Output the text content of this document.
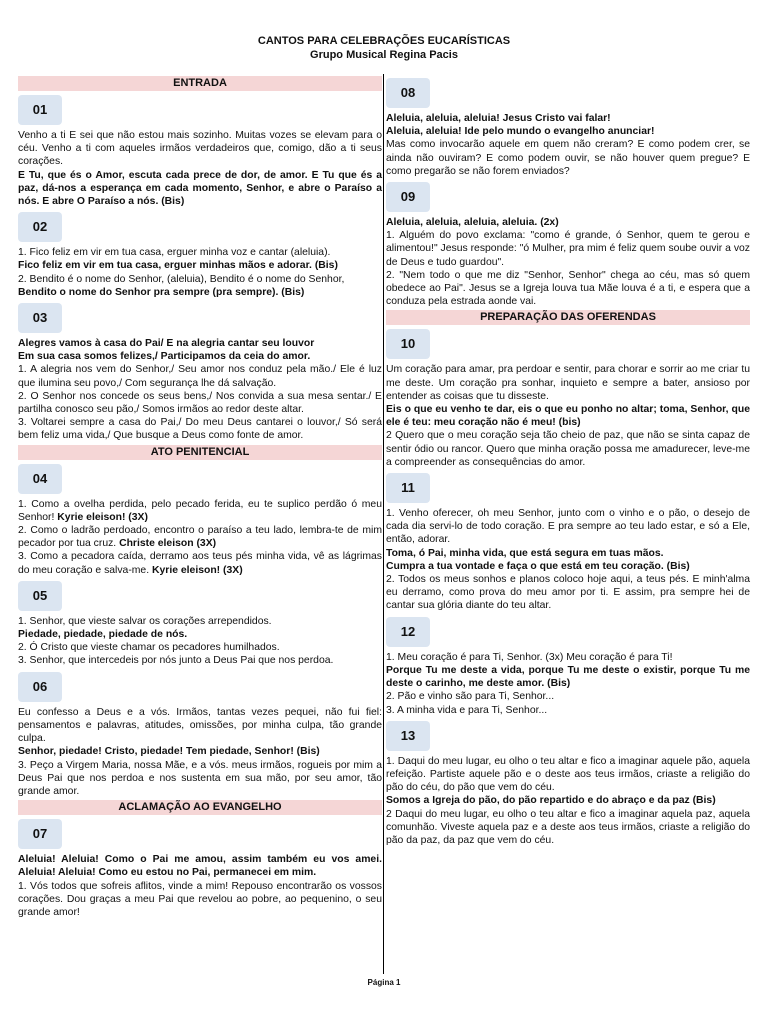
CANTOS PARA CELEBRAÇÕES EUCARÍSTICAS
Grupo Musical Regina Pacis
ENTRADA
01
Venho a ti E sei que não estou mais sozinho. Muitas vozes se elevam para o céu. Venho a ti com aqueles irmãos verdadeiros que, comigo, dão a ti seus corações.
E Tu, que és o Amor, escuta cada prece de dor, de amor. E Tu que és a paz, dá-nos a esperança em cada momento, Senhor, e abre o Paraíso a nós. E abre O Paraíso a nós. (Bis)
02
1. Fico feliz em vir em tua casa, erguer minha voz e cantar (aleluia).
Fico feliz em vir em tua casa, erguer minhas mãos e adorar. (Bis)
2. Bendito é o nome do Senhor, (aleluia), Bendito é o nome do Senhor,
Bendito o nome do Senhor pra sempre (pra sempre). (Bis)
03
Alegres vamos à casa do Pai/ E na alegria cantar seu louvor
Em sua casa somos felizes,/ Participamos da ceia do amor.
1. A alegria nos vem do Senhor,/ Seu amor nos conduz pela mão./ Ele é luz que ilumina seu povo,/ Com segurança lhe dá salvação.
2. O Senhor nos concede os seus bens,/ Nos convida a sua mesa sentar./ E partilha conosco seu pão,/ Somos irmãos ao redor deste altar.
3. Voltarei sempre a casa do Pai,/ Do meu Deus cantarei o louvor,/ Só será bem feliz uma vida,/ Que busque a Deus como fonte de amor.
ATO PENITENCIAL
04
1. Como a ovelha perdida, pelo pecado ferida, eu te suplico perdão ó meu Senhor! Kyrie eleison! (3X)
2. Como o ladrão perdoado, encontro o paraíso a teu lado, lembra-te de mim pecador por tua cruz. Christe eleison (3X)
3. Como a pecadora caída, derramo aos teus pés minha vida, vê as lágrimas do meu coração e salva-me. Kyrie eleison! (3X)
05
1. Senhor, que vieste salvar os corações arrependidos.
Piedade, piedade, piedade de nós.
2. Ó Cristo que vieste chamar os pecadores humilhados.
3. Senhor, que intercedeis por nós junto a Deus Pai que nos perdoa.
06
Eu confesso a Deus e a vós. Irmãos, tantas vezes pequei, não fui fiel: pensamentos e palavras, atitudes, omissões, por minha culpa, tão grande culpa.
Senhor, piedade! Cristo, piedade! Tem piedade, Senhor! (Bis)
3. Peço a Virgem Maria, nossa Mãe, e a vós. meus irmãos, rogueis por mim a Deus Pai que nos perdoa e nos sustenta em sua mão, por seu amor, tão grande amor.
ACLAMAÇÃO AO EVANGELHO
07
Aleluia! Aleluia! Como o Pai me amou, assim também eu vos amei. Aleluia! Aleluia! Como eu estou no Pai, permanecei em mim.
1. Vós todos que sofreis aflitos, vinde a mim! Repouso encontrarão os vossos corações. Dou graças a meu Pai que revelou ao pobre, ao pequenino, o seu grande amor!
08
Aleluia, aleluia, aleluia! Jesus Cristo vai falar!
Aleluia, aleluia! Ide pelo mundo o evangelho anunciar!
Mas como invocarão aquele em quem não creram? E como podem crer, se ainda não ouviram? E como podem ouvir, se não houver quem pregue? E como pregarão se não forem enviados?
09
Aleluia, aleluia, aleluia, aleluia. (2x)
1. Alguém do povo exclama: "como é grande, ó Senhor, quem te gerou e alimentou!" Jesus responde: "ó Mulher, pra mim é feliz quem soube ouvir a voz de Deus e tudo guardou".
2. "Nem todo o que me diz "Senhor, Senhor" chega ao céu, mas só quem obedece ao Pai". Jesus se a Igreja louva tua Mãe louva é a ti, e espera que a conduza pela estrada aonde vai.
PREPARAÇÃO DAS OFERENDAS
10
Um coração para amar, pra perdoar e sentir, para chorar e sorrir ao me criar tu me deste. Um coração pra sonhar, inquieto e sempre a bater, ansioso por entender as coisas que tu disseste.
Eis o que eu venho te dar, eis o que eu ponho no altar; toma, Senhor, que ele é teu: meu coração não é meu! (bis)
2 Quero que o meu coração seja tão cheio de paz, que não se sinta capaz de sentir ódio ou rancor. Quero que minha oração possa me amadurecer, leve-me a compreender as consequências do amor.
11
1. Venho oferecer, oh meu Senhor, junto com o vinho e o pão, o desejo de cada dia servi-lo de todo coração. E pra sempre ao teu lado estar, e só a Ele, então, adorar.
Toma, ó Pai, minha vida, que está segura em tuas mãos.
Cumpra a tua vontade e faça o que está em teu coração. (Bis)
2. Todos os meus sonhos e planos coloco hoje aqui, a teus pés. E minh'alma eu derramo, como prova do meu amor por ti. E assim, pra sempre hei de cantar sua glória diante do teu altar.
12
1. Meu coração é para Ti, Senhor. (3x) Meu coração é para Ti!
Porque Tu me deste a vida, porque Tu me deste o existir, porque Tu me deste o carinho, me deste amor. (Bis)
2. Pão e vinho são para Ti, Senhor...
3. A minha vida e para Ti, Senhor...
13
1. Daqui do meu lugar, eu olho o teu altar e fico a imaginar aquele pão, aquela refeição. Partiste aquele pão e o deste aos teus irmãos, criaste a religião do pão do céu, do pão que vem do céu.
Somos a Igreja do pão, do pão repartido e do abraço e da paz (Bis)
2 Daqui do meu lugar, eu olho o teu altar e fico a imaginar aquela paz, aquela comunhão. Viveste aquela paz e a deste aos teus irmãos, criaste a religião do pão da paz, da paz que vem do céu.
Página 1
